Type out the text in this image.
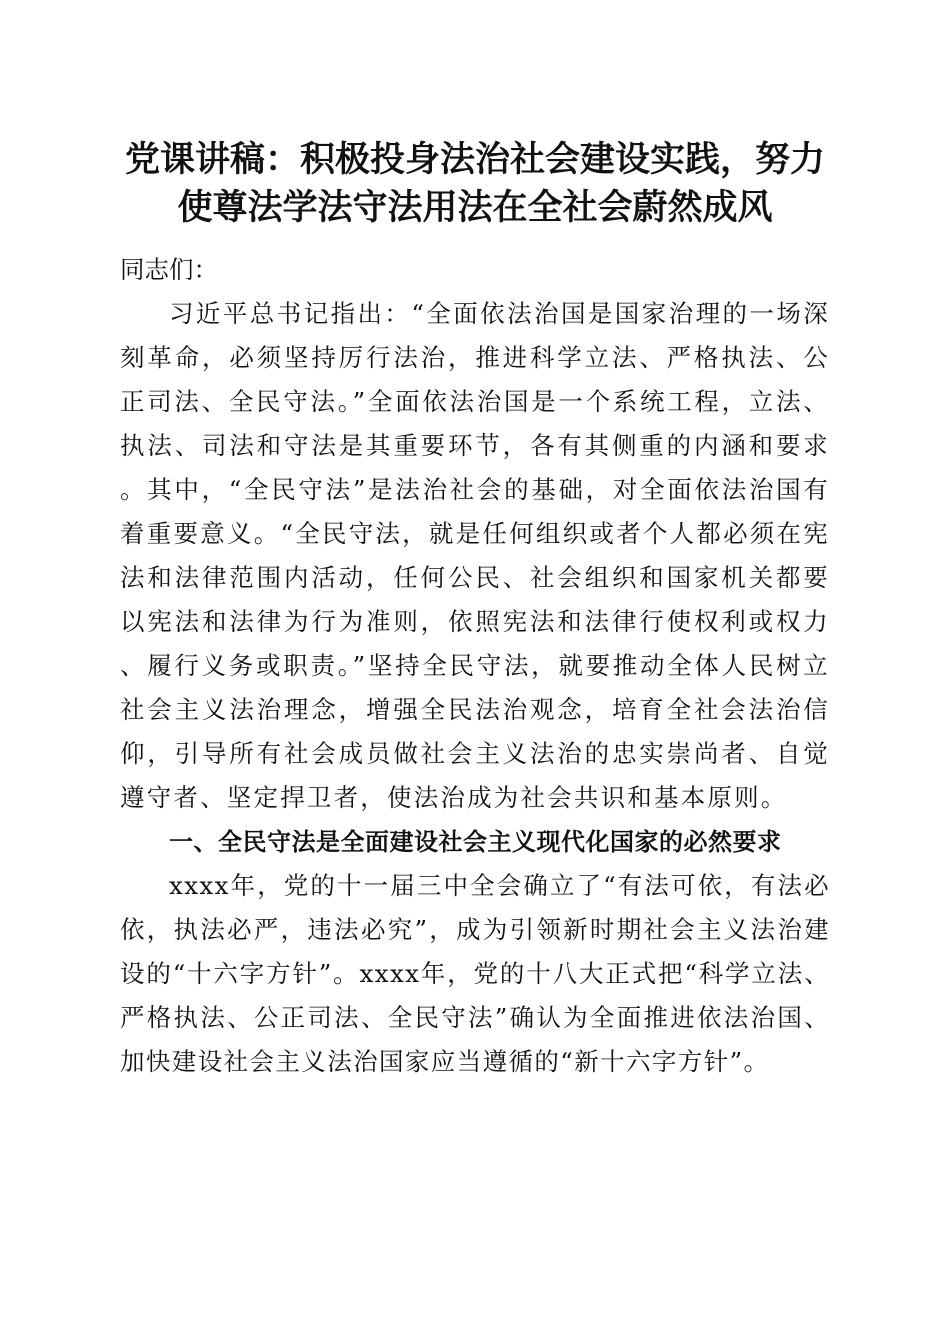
党课讲稿：积极投身法治社会建设实践，努力
使尊法学法守法用法在全社会蔚然成风

同志们：

习近平总书记指出：“全面依法治国是国家治理的一场深刻革命，必须坚持厉行法治，推进科学立法、严格执法、公正司法、全民守法。”全面依法治国是一个系统工程，立法、执法、司法和守法是其重要环节，各有其侧重的内涵和要求。其中，“全民守法”是法治社会的基础，对全面依法治国有着重要意义。“全民守法，就是任何组织或者个人都必须在宪法和法律范围内活动，任何公民、社会组织和国家机关都要以宪法和法律为行为准则，依照宪法和法律行使权利或权力、履行义务或职责。”坚持全民守法，就要推动全体人民树立社会主义法治理念，增强全民法治观念，培育全社会法治信仰，引导所有社会成员做社会主义法治的忠实崇尚者、自觉遵守者、坚定捍卫者，使法治成为社会共识和基本原则。

一、全民守法是全面建设社会主义现代化国家的必然要求

xxxx年，党的十一届三中全会确立了“有法可依，有法必依，执法必严，违法必究”，成为引领新时期社会主义法治建设的“十六字方针”。xxxx年，党的十八大正式把“科学立法、严格执法、公正司法、全民守法”确认为全面推进依法治国、加快建设社会主义法治国家应当遵循的“新十六字方针”。
